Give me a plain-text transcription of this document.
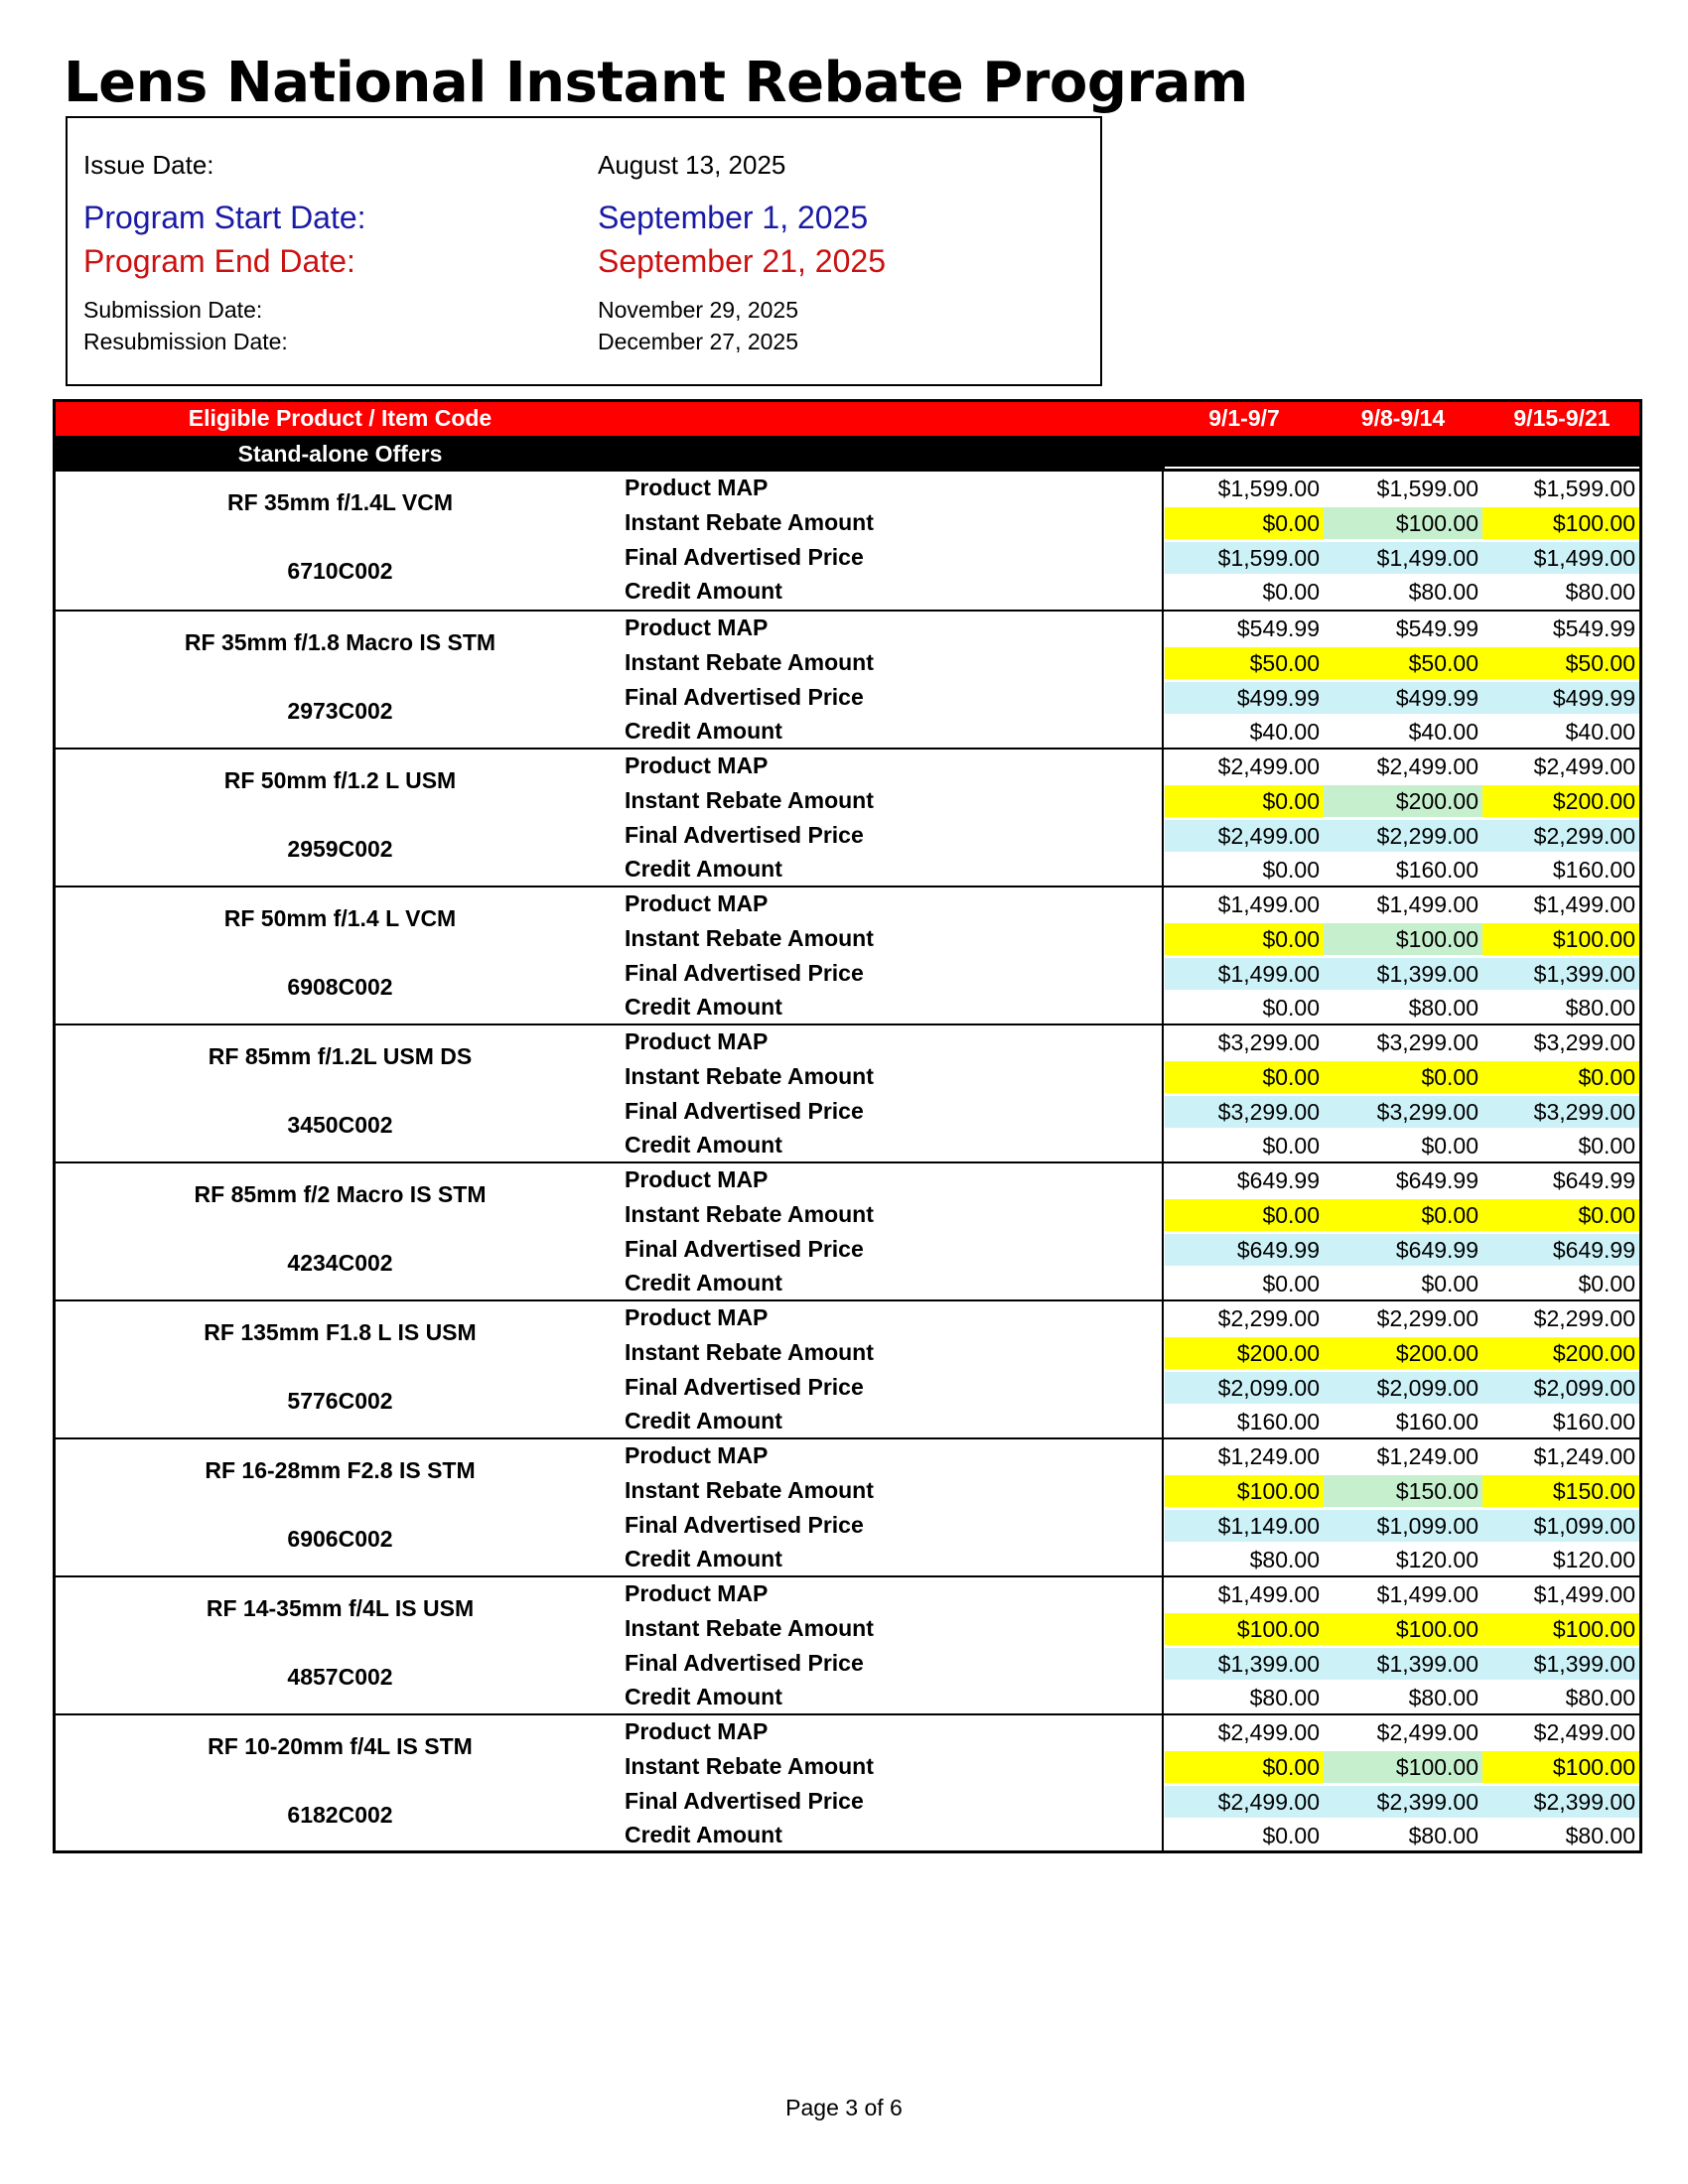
Lens National Instant Rebate Program
Issue Date:	August 13, 2025
Program Start Date:	September 1, 2025
Program End Date:	September 21, 2025
Submission Date:	November 29, 2025
Resubmission Date:	December 27, 2025
Eligible Product / Item Code	9/1-9/7	9/8-9/14	9/15-9/21
Stand-alone Offers
RF 35mm f/1.4L VCM
6710C002
Product MAP	$1,599.00	$1,599.00	$1,599.00
Instant Rebate Amount	$0.00	$100.00	$100.00
Final Advertised Price	$1,599.00	$1,499.00	$1,499.00
Credit Amount	$0.00	$80.00	$80.00
RF 35mm f/1.8 Macro IS STM
2973C002
Product MAP	$549.99	$549.99	$549.99
Instant Rebate Amount	$50.00	$50.00	$50.00
Final Advertised Price	$499.99	$499.99	$499.99
Credit Amount	$40.00	$40.00	$40.00
RF 50mm f/1.2 L USM
2959C002
Product MAP	$2,499.00	$2,499.00	$2,499.00
Instant Rebate Amount	$0.00	$200.00	$200.00
Final Advertised Price	$2,499.00	$2,299.00	$2,299.00
Credit Amount	$0.00	$160.00	$160.00
RF 50mm f/1.4 L VCM
6908C002
Product MAP	$1,499.00	$1,499.00	$1,499.00
Instant Rebate Amount	$0.00	$100.00	$100.00
Final Advertised Price	$1,499.00	$1,399.00	$1,399.00
Credit Amount	$0.00	$80.00	$80.00
RF 85mm f/1.2L USM DS
3450C002
Product MAP	$3,299.00	$3,299.00	$3,299.00
Instant Rebate Amount	$0.00	$0.00	$0.00
Final Advertised Price	$3,299.00	$3,299.00	$3,299.00
Credit Amount	$0.00	$0.00	$0.00
RF 85mm f/2 Macro IS STM
4234C002
Product MAP	$649.99	$649.99	$649.99
Instant Rebate Amount	$0.00	$0.00	$0.00
Final Advertised Price	$649.99	$649.99	$649.99
Credit Amount	$0.00	$0.00	$0.00
RF 135mm F1.8 L IS USM
5776C002
Product MAP	$2,299.00	$2,299.00	$2,299.00
Instant Rebate Amount	$200.00	$200.00	$200.00
Final Advertised Price	$2,099.00	$2,099.00	$2,099.00
Credit Amount	$160.00	$160.00	$160.00
RF 16-28mm F2.8 IS STM
6906C002
Product MAP	$1,249.00	$1,249.00	$1,249.00
Instant Rebate Amount	$100.00	$150.00	$150.00
Final Advertised Price	$1,149.00	$1,099.00	$1,099.00
Credit Amount	$80.00	$120.00	$120.00
RF 14-35mm f/4L IS USM
4857C002
Product MAP	$1,499.00	$1,499.00	$1,499.00
Instant Rebate Amount	$100.00	$100.00	$100.00
Final Advertised Price	$1,399.00	$1,399.00	$1,399.00
Credit Amount	$80.00	$80.00	$80.00
RF 10-20mm f/4L IS STM
6182C002
Product MAP	$2,499.00	$2,499.00	$2,499.00
Instant Rebate Amount	$0.00	$100.00	$100.00
Final Advertised Price	$2,499.00	$2,399.00	$2,399.00
Credit Amount	$0.00	$80.00	$80.00
Page 3 of 6
